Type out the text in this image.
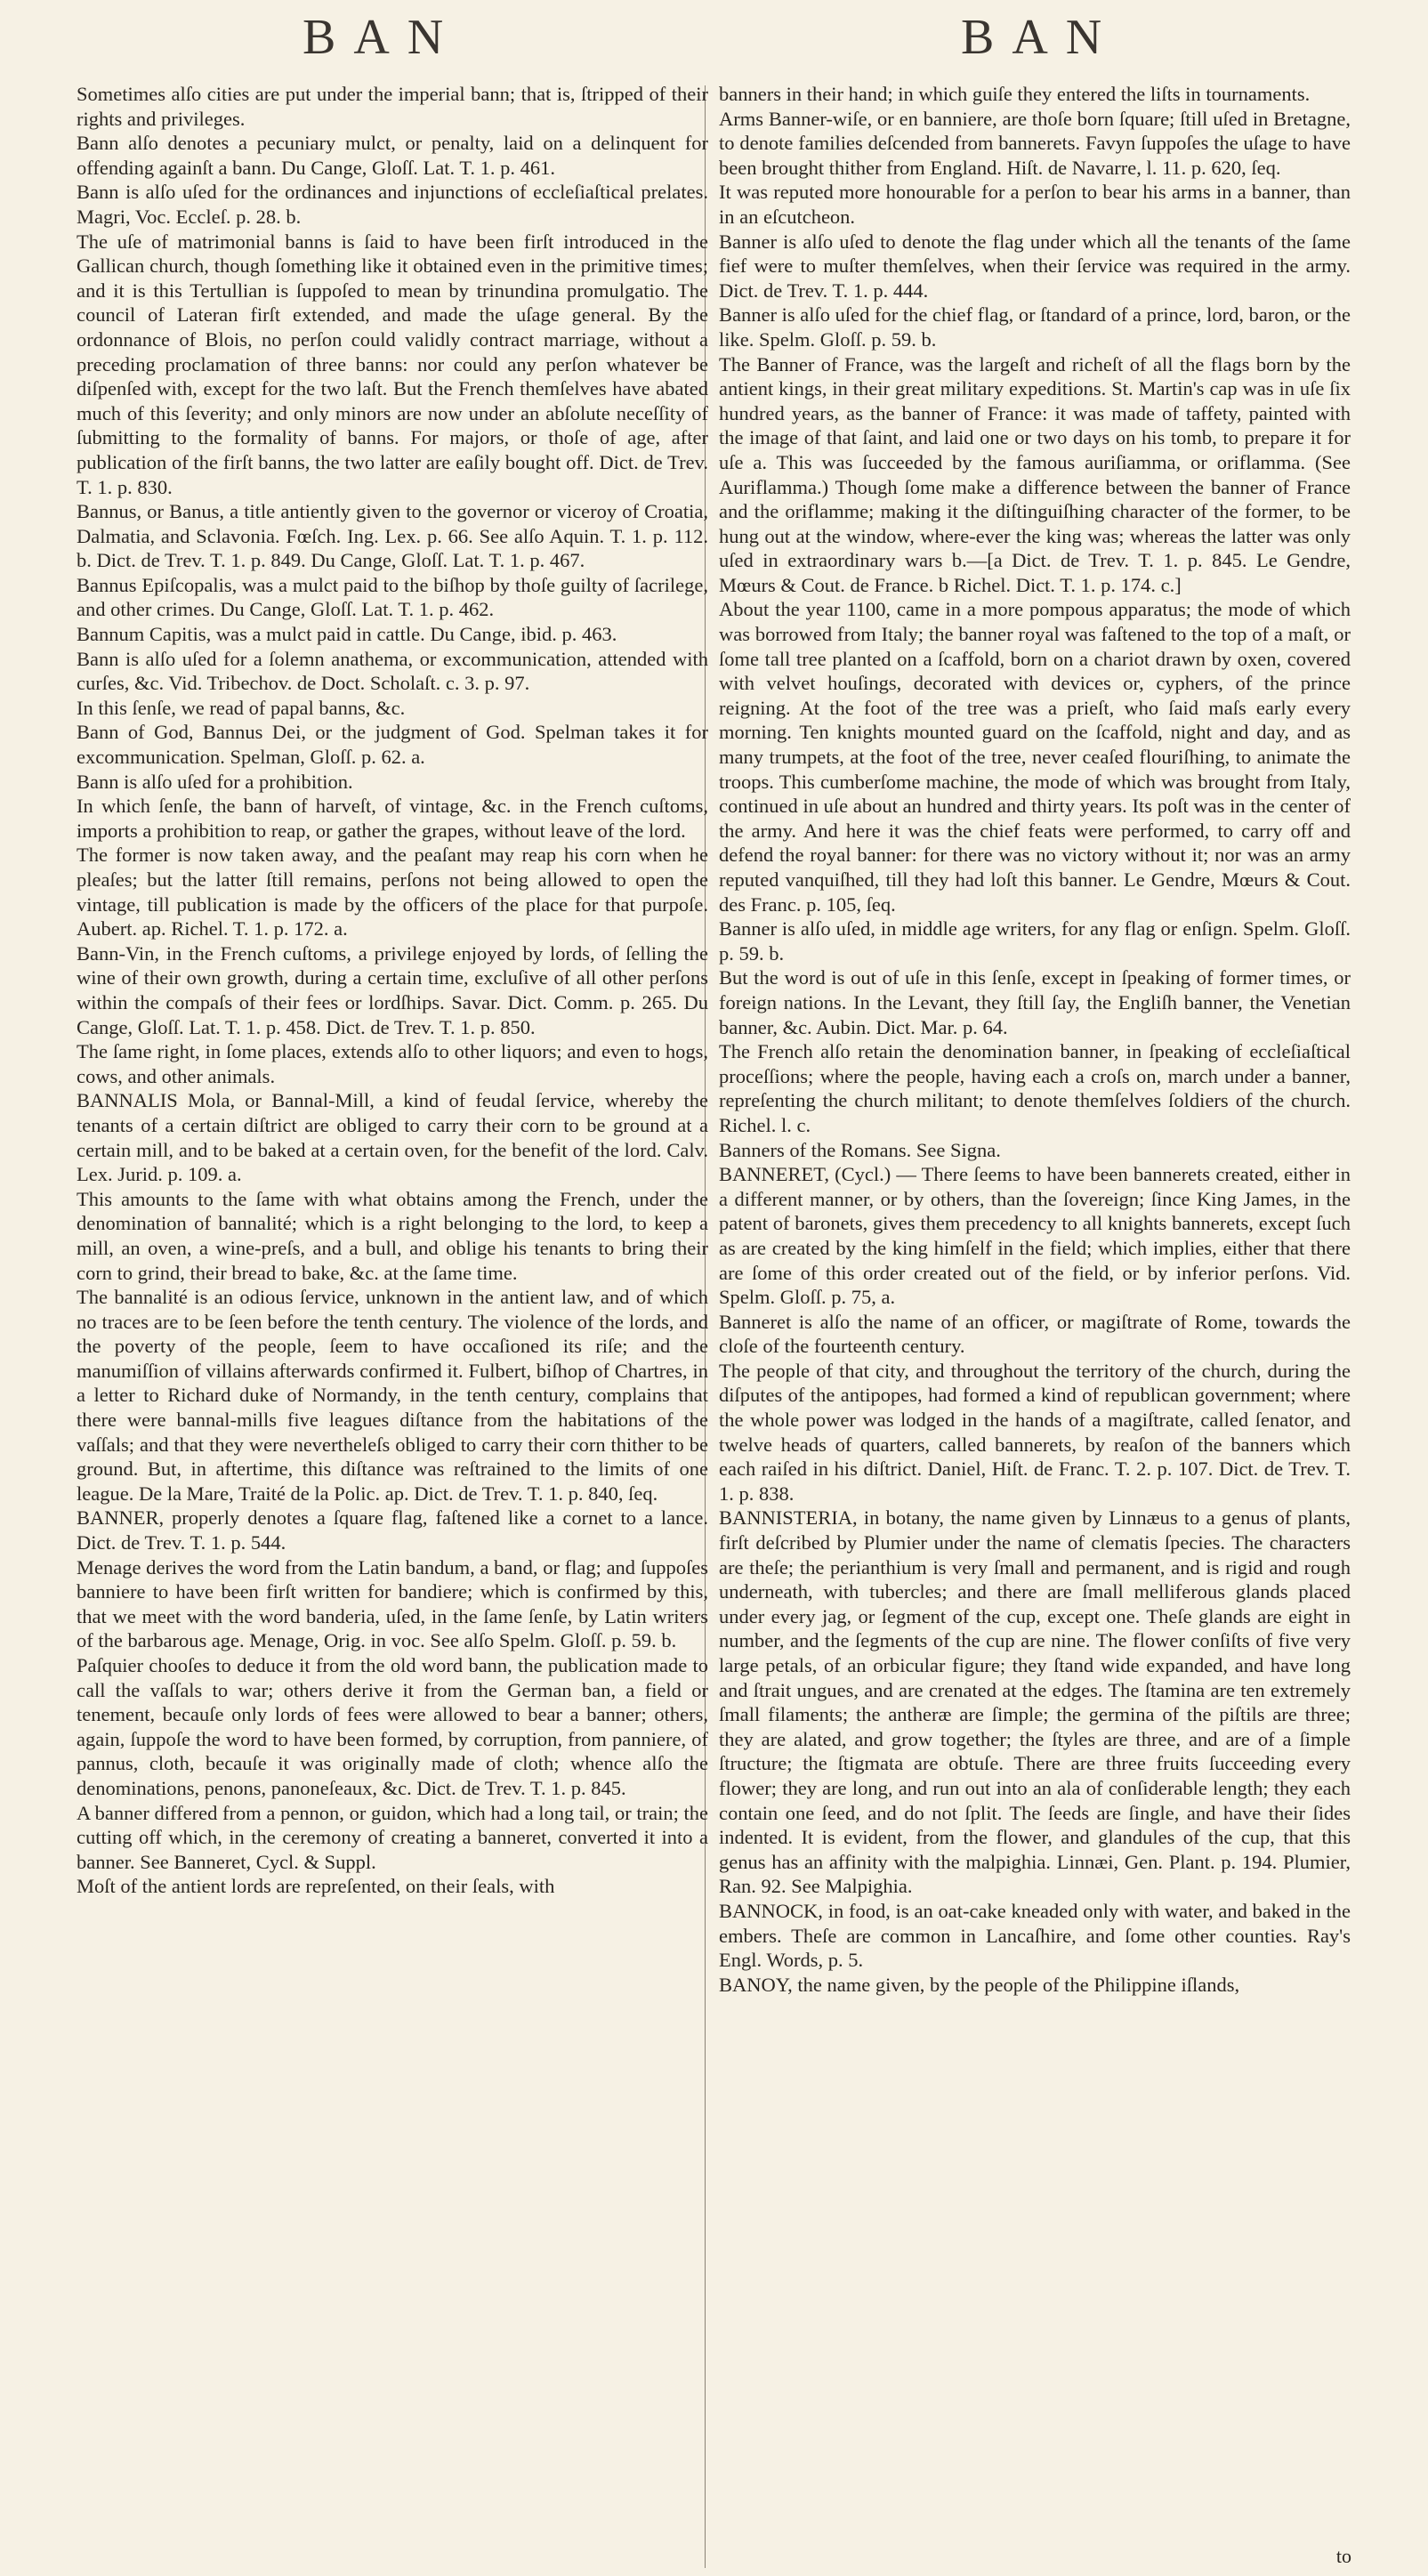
BAN	BAN

Sometimes alſo cities are put under the imperial bann; that is, ſtripped of their rights and privileges.

Bann alſo denotes a pecuniary mulct, or penalty, laid on a delinquent for offending againſt a bann. Du Cange, Gloſſ. Lat. T. 1. p. 461.

Bann is alſo uſed for the ordinances and injunctions of eccleſiaſtical prelates. Magri, Voc. Eccleſ. p. 28. b.

The uſe of matrimonial banns is ſaid to have been firſt introduced in the Gallican church, though ſomething like it obtained even in the primitive times; and it is this Tertullian is ſuppoſed to mean by trinundina promulgatio. The council of Lateran firſt extended, and made the uſage general. By the ordonnance of Blois, no perſon could validly contract marriage, without a preceding proclamation of three banns: nor could any perſon whatever be diſpenſed with, except for the two laſt. But the French themſelves have abated much of this ſeverity; and only minors are now under an abſolute neceſſity of ſubmitting to the formality of banns. For majors, or thoſe of age, after publication of the firſt banns, the two latter are eaſily bought off. Dict. de Trev. T. 1. p. 830.

Bannus, or Banus, a title antiently given to the governor or viceroy of Croatia, Dalmatia, and Sclavonia. Fœſch. Ing. Lex. p. 66. See alſo Aquin. T. 1. p. 112. b. Dict. de Trev. T. 1. p. 849. Du Cange, Gloſſ. Lat. T. 1. p. 467.

Bannus Epiſcopalis, was a mulct paid to the biſhop by thoſe guilty of ſacrilege, and other crimes. Du Cange, Gloſſ. Lat. T. 1. p. 462.

Bannum Capitis, was a mulct paid in cattle. Du Cange, ibid. p. 463.

Bann is alſo uſed for a ſolemn anathema, or excommunication, attended with curſes, &c. Vid. Tribechov. de Doct. Scholaſt. c. 3. p. 97.

In this ſenſe, we read of papal banns, &c.

Bann of God, Bannus Dei, or the judgment of God. Spelman takes it for excommunication. Spelman, Gloſſ. p. 62. a.

Bann is alſo uſed for a prohibition.

In which ſenſe, the bann of harveſt, of vintage, &c. in the French cuſtoms, imports a prohibition to reap, or gather the grapes, without leave of the lord.

The former is now taken away, and the peaſant may reap his corn when he pleaſes; but the latter ſtill remains, perſons not being allowed to open the vintage, till publication is made by the officers of the place for that purpoſe. Aubert. ap. Richel. T. 1. p. 172. a.

Bann-Vin, in the French cuſtoms, a privilege enjoyed by lords, of ſelling the wine of their own growth, during a certain time, excluſive of all other perſons within the compaſs of their fees or lordſhips. Savar. Dict. Comm. p. 265. Du Cange, Gloſſ. Lat. T. 1. p. 458. Dict. de Trev. T. 1. p. 850.

The ſame right, in ſome places, extends alſo to other liquors; and even to hogs, cows, and other animals.

BANNALIS Mola, or Bannal-Mill, a kind of feudal ſervice, whereby the tenants of a certain diſtrict are obliged to carry their corn to be ground at a certain mill, and to be baked at a certain oven, for the benefit of the lord. Calv. Lex. Jurid. p. 109. a.

This amounts to the ſame with what obtains among the French, under the denomination of bannalité; which is a right belonging to the lord, to keep a mill, an oven, a wine-preſs, and a bull, and oblige his tenants to bring their corn to grind, their bread to bake, &c. at the ſame time.

The bannalité is an odious ſervice, unknown in the antient law, and of which no traces are to be ſeen before the tenth century. The violence of the lords, and the poverty of the people, ſeem to have occaſioned its riſe; and the manumiſſion of villains afterwards confirmed it. Fulbert, biſhop of Chartres, in a letter to Richard duke of Normandy, in the tenth century, complains that there were bannal-mills five leagues diſtance from the habitations of the vaſſals; and that they were nevertheleſs obliged to carry their corn thither to be ground. But, in aftertime, this diſtance was reſtrained to the limits of one league. De la Mare, Traité de la Polic. ap. Dict. de Trev. T. 1. p. 840, ſeq.

BANNER, properly denotes a ſquare flag, faſtened like a cornet to a lance. Dict. de Trev. T. 1. p. 544.

Menage derives the word from the Latin bandum, a band, or flag; and ſuppoſes banniere to have been firſt written for bandiere; which is confirmed by this, that we meet with the word banderia, uſed, in the ſame ſenſe, by Latin writers of the barbarous age. Menage, Orig. in voc. See alſo Spelm. Gloſſ. p. 59. b.

Paſquier chooſes to deduce it from the old word bann, the publication made to call the vaſſals to war; others derive it from the German ban, a field or tenement, becauſe only lords of fees were allowed to bear a banner; others, again, ſuppoſe the word to have been formed, by corruption, from panniere, of pannus, cloth, becauſe it was originally made of cloth; whence alſo the denominations, penons, panoneſeaux, &c. Dict. de Trev. T. 1. p. 845.

A banner differed from a pennon, or guidon, which had a long tail, or train; the cutting off which, in the ceremony of creating a banneret, converted it into a banner. See Banneret, Cycl. & Suppl.

Moſt of the antient lords are repreſented, on their ſeals, with

banners in their hand; in which guiſe they entered the liſts in tournaments.

Arms Banner-wiſe, or en banniere, are thoſe born ſquare; ſtill uſed in Bretagne, to denote families deſcended from bannerets. Favyn ſuppoſes the uſage to have been brought thither from England. Hiſt. de Navarre, l. 11. p. 620, ſeq.

It was reputed more honourable for a perſon to bear his arms in a banner, than in an eſcutcheon.

Banner is alſo uſed to denote the flag under which all the tenants of the ſame fief were to muſter themſelves, when their ſervice was required in the army. Dict. de Trev. T. 1. p. 444.

Banner is alſo uſed for the chief flag, or ſtandard of a prince, lord, baron, or the like. Spelm. Gloſſ. p. 59. b.

The Banner of France, was the largeſt and richeſt of all the flags born by the antient kings, in their great military expeditions. St. Martin's cap was in uſe ſix hundred years, as the banner of France: it was made of taffety, painted with the image of that ſaint, and laid one or two days on his tomb, to prepare it for uſe a. This was ſucceeded by the famous auriſiamma, or oriflamma. (See Auriflamma.) Though ſome make a difference between the banner of France and the oriflamme; making it the diſtinguiſhing character of the former, to be hung out at the window, where-ever the king was; whereas the latter was only uſed in extraordinary wars b.—[a Dict. de Trev. T. 1. p. 845. Le Gendre, Mœurs & Cout. de France. b Richel. Dict. T. 1. p. 174. c.]

About the year 1100, came in a more pompous apparatus; the mode of which was borrowed from Italy; the banner royal was faſtened to the top of a maſt, or ſome tall tree planted on a ſcaffold, born on a chariot drawn by oxen, covered with velvet houſings, decorated with devices or, cyphers, of the prince reigning. At the foot of the tree was a prieſt, who ſaid maſs early every morning. Ten knights mounted guard on the ſcaffold, night and day, and as many trumpets, at the foot of the tree, never ceaſed flouriſhing, to animate the troops. This cumberſome machine, the mode of which was brought from Italy, continued in uſe about an hundred and thirty years. Its poſt was in the center of the army. And here it was the chief feats were performed, to carry off and defend the royal banner: for there was no victory without it; nor was an army reputed vanquiſhed, till they had loſt this banner. Le Gendre, Mœurs & Cout. des Franc. p. 105, ſeq.

Banner is alſo uſed, in middle age writers, for any flag or enſign. Spelm. Gloſſ. p. 59. b.

But the word is out of uſe in this ſenſe, except in ſpeaking of former times, or foreign nations. In the Levant, they ſtill ſay, the Engliſh banner, the Venetian banner, &c. Aubin. Dict. Mar. p. 64.

The French alſo retain the denomination banner, in ſpeaking of eccleſiaſtical proceſſions; where the people, having each a croſs on, march under a banner, repreſenting the church militant; to denote themſelves ſoldiers of the church. Richel. l. c.

Banners of the Romans. See Signa.

BANNERET, (Cycl.) — There ſeems to have been bannerets created, either in a different manner, or by others, than the ſovereign; ſince King James, in the patent of baronets, gives them precedency to all knights bannerets, except ſuch as are created by the king himſelf in the field; which implies, either that there are ſome of this order created out of the field, or by inferior perſons. Vid. Spelm. Gloſſ. p. 75, a.

Banneret is alſo the name of an officer, or magiſtrate of Rome, towards the cloſe of the fourteenth century.

The people of that city, and throughout the territory of the church, during the diſputes of the antipopes, had formed a kind of republican government; where the whole power was lodged in the hands of a magiſtrate, called ſenator, and twelve heads of quarters, called bannerets, by reaſon of the banners which each raiſed in his diſtrict. Daniel, Hiſt. de Franc. T. 2. p. 107. Dict. de Trev. T. 1. p. 838.

BANNISTERIA, in botany, the name given by Linnæus to a genus of plants, firſt deſcribed by Plumier under the name of clematis ſpecies. The characters are theſe; the perianthium is very ſmall and permanent, and is rigid and rough underneath, with tubercles; and there are ſmall melliferous glands placed under every jag, or ſegment of the cup, except one. Theſe glands are eight in number, and the ſegments of the cup are nine. The flower conſiſts of five very large petals, of an orbicular figure; they ſtand wide expanded, and have long and ſtrait ungues, and are crenated at the edges. The ſtamina are ten extremely ſmall filaments; the antheræ are ſimple; the germina of the piſtils are three; they are alated, and grow together; the ſtyles are three, and are of a ſimple ſtructure; the ſtigmata are obtuſe. There are three fruits ſucceeding every flower; they are long, and run out into an ala of conſiderable length; they each contain one ſeed, and do not ſplit. The ſeeds are ſingle, and have their ſides indented. It is evident, from the flower, and glandules of the cup, that this genus has an affinity with the malpighia. Linnæi, Gen. Plant. p. 194. Plumier, Ran. 92. See Malpighia.

BANNOCK, in food, is an oat-cake kneaded only with water, and baked in the embers. Theſe are common in Lancaſhire, and ſome other counties. Ray's Engl. Words, p. 5.

BANOY, the name given, by the people of the Philippine iſlands,

to
